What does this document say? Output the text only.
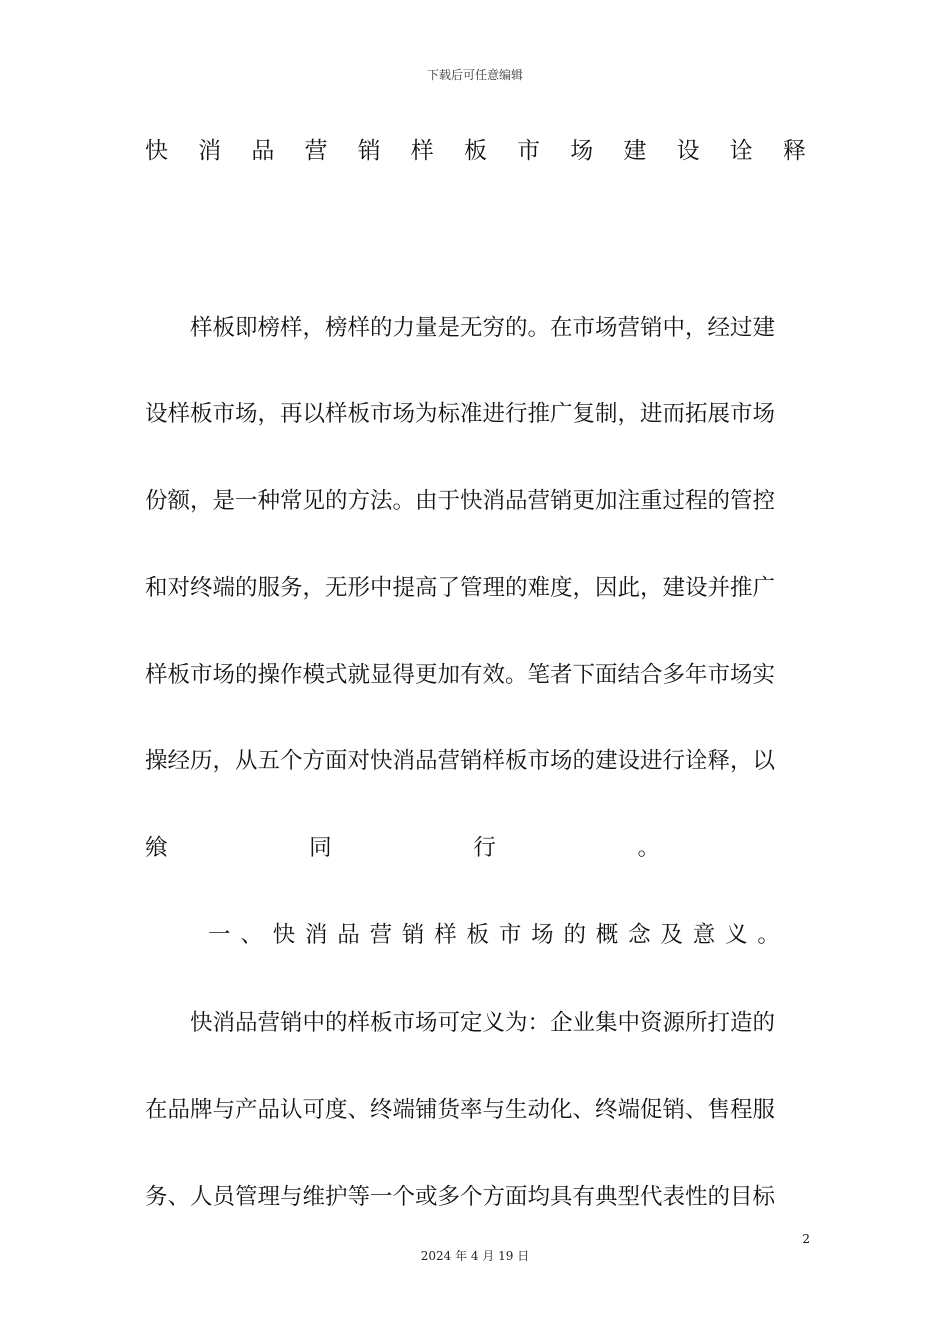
下载后可任意编辑
快 消 品 营 销 样 板 市 场 建 设 诠 释
样板即榜样，榜样的力量是无穷的。在市场营销中，经过建
设样板市场，再以样板市场为标准进行推广复制，进而拓展市场
份额，是一种常见的方法。由于快消品营销更加注重过程的管控
和对终端的服务，无形中提高了管理的难度，因此，建设并推广
样板市场的操作模式就显得更加有效。笔者下面结合多年市场实
操经历，从五个方面对快消品营销样板市场的建设进行诠释，以
飨	同	行	。
一 、 快 消 品 营 销 样 板 市 场 的 概 念 及 意 义 。
快消品营销中的样板市场可定义为：企业集中资源所打造的
在品牌与产品认可度、终端铺货率与生动化、终端促销、售程服
务、人员管理与维护等一个或多个方面均具有典型代表性的目标
2
2024 年 4 月 19 日
